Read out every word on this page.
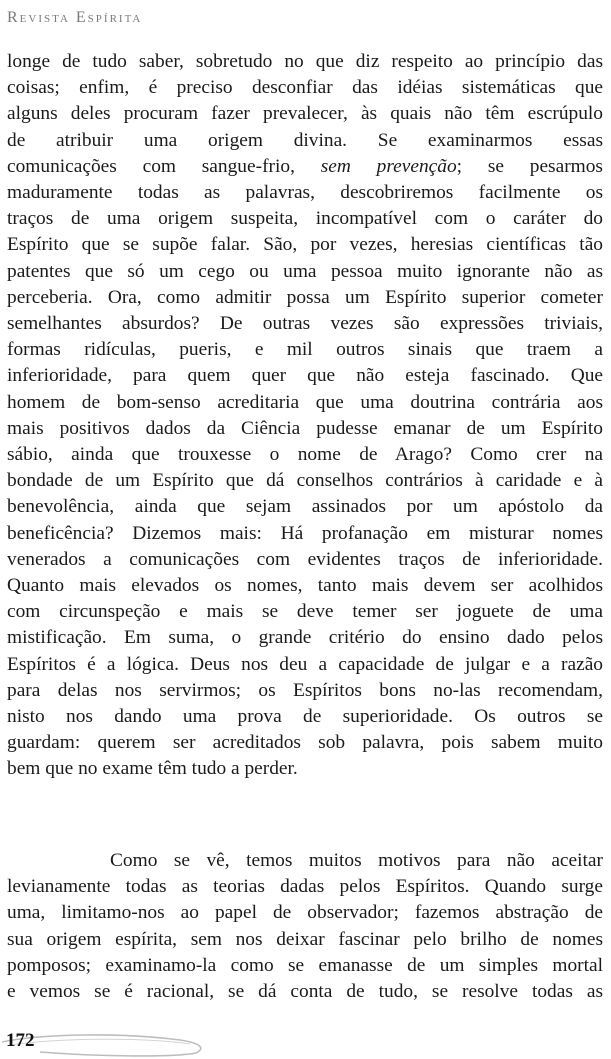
Revista Espírita
longe de tudo saber, sobretudo no que diz respeito ao princípio das
coisas; enfim, é preciso desconfiar das idéias sistemáticas que
alguns deles procuram fazer prevalecer, às quais não têm escrúpulo
de atribuir uma origem divina. Se examinarmos essas
comunicações com sangue-frio, sem prevenção; se pesarmos
maduramente todas as palavras, descobriremos facilmente os
traços de uma origem suspeita, incompatível com o caráter do
Espírito que se supõe falar. São, por vezes, heresias científicas tão
patentes que só um cego ou uma pessoa muito ignorante não as
perceberia. Ora, como admitir possa um Espírito superior cometer
semelhantes absurdos? De outras vezes são expressões triviais,
formas ridículas, pueris, e mil outros sinais que traem a
inferioridade, para quem quer que não esteja fascinado. Que
homem de bom-senso acreditaria que uma doutrina contrária aos
mais positivos dados da Ciência pudesse emanar de um Espírito
sábio, ainda que trouxesse o nome de Arago? Como crer na
bondade de um Espírito que dá conselhos contrários à caridade e à
benevolência, ainda que sejam assinados por um apóstolo da
beneficência? Dizemos mais: Há profanação em misturar nomes
venerados a comunicações com evidentes traços de inferioridade.
Quanto mais elevados os nomes, tanto mais devem ser acolhidos
com circunspeção e mais se deve temer ser joguete de uma
mistificação. Em suma, o grande critério do ensino dado pelos
Espíritos é a lógica. Deus nos deu a capacidade de julgar e a razão
para delas nos servirmos; os Espíritos bons no-las recomendam,
nisto nos dando uma prova de superioridade. Os outros se
guardam: querem ser acreditados sob palavra, pois sabem muito
bem que no exame têm tudo a perder.
Como se vê, temos muitos motivos para não aceitar
levianamente todas as teorias dadas pelos Espíritos. Quando surge
uma, limitamo-nos ao papel de observador; fazemos abstração de
sua origem espírita, sem nos deixar fascinar pelo brilho de nomes
pomposos; examinamo-la como se emanasse de um simples mortal
e vemos se é racional, se dá conta de tudo, se resolve todas as
172
